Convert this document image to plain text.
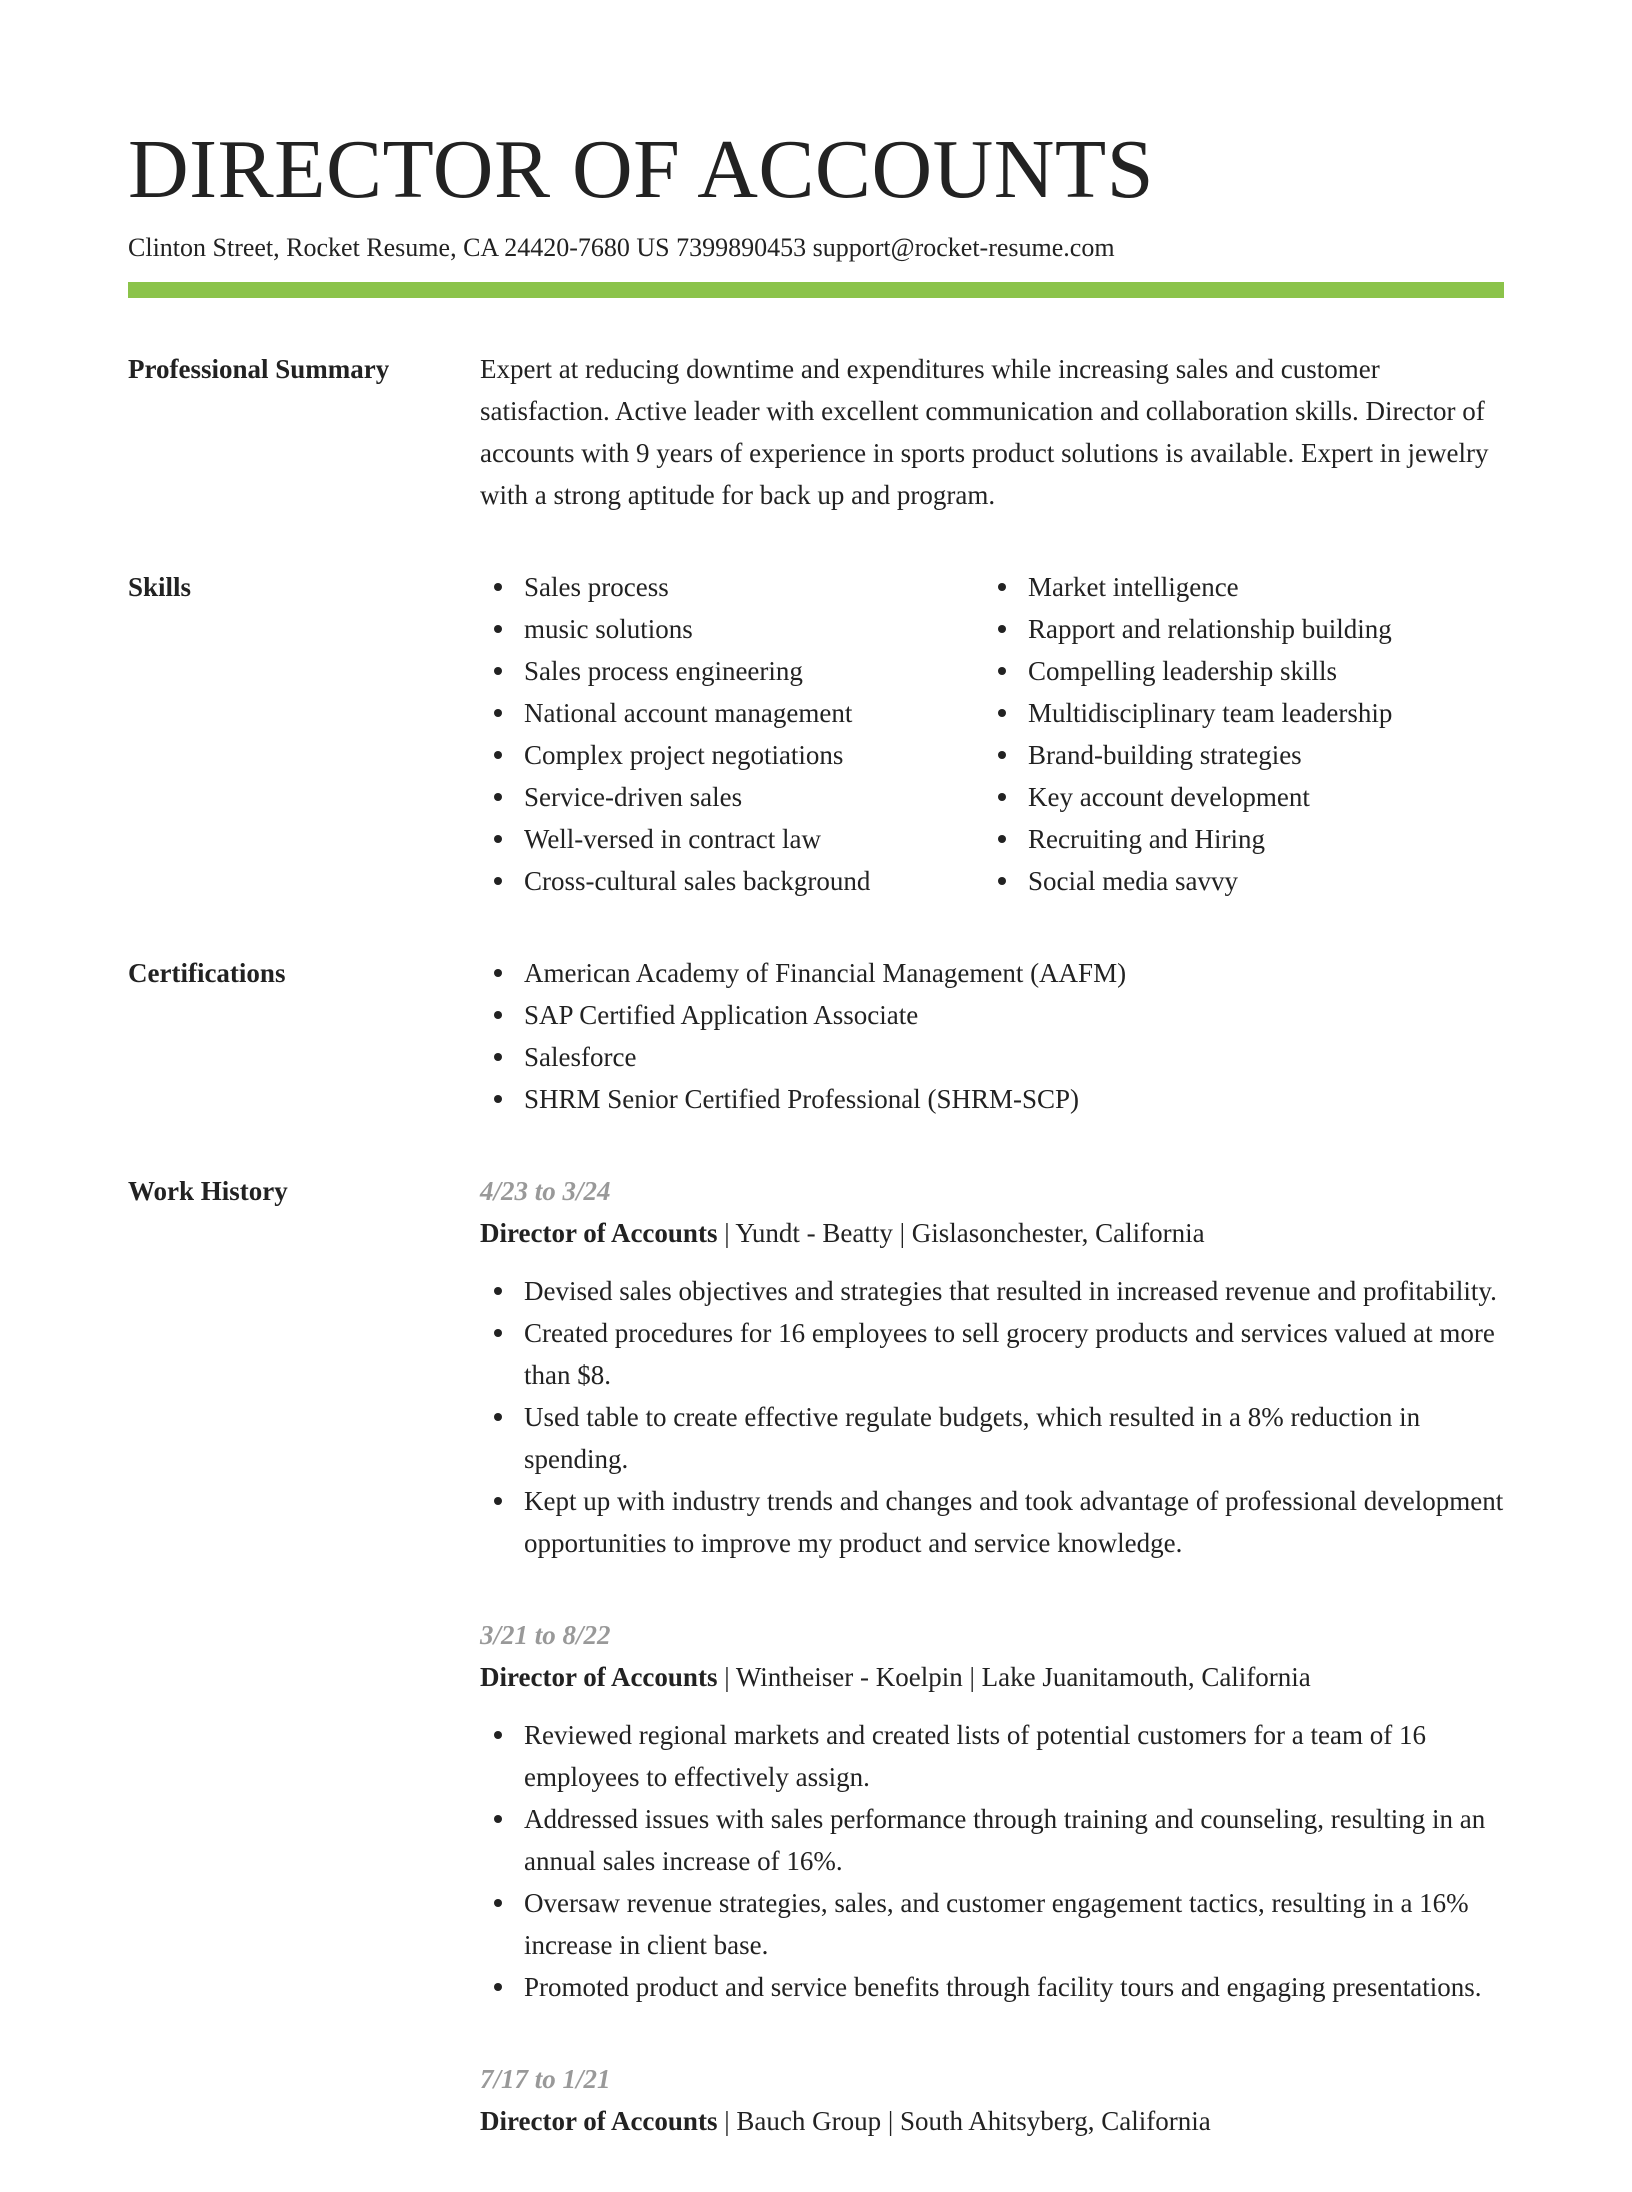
DIRECTOR OF ACCOUNTS
Clinton Street, Rocket Resume, CA 24420-7680 US 7399890453 support@rocket-resume.com
Professional Summary	Expert at reducing downtime and expenditures while increasing sales and customer satisfaction. Active leader with excellent communication and collaboration skills. Director of accounts with 9 years of experience in sports product solutions is available. Expert in jewelry with a strong aptitude for back up and program.
Skills	Sales process
music solutions
Sales process engineering
National account management
Complex project negotiations
Service-driven sales
Well-versed in contract law
Cross-cultural sales background
Market intelligence
Rapport and relationship building
Compelling leadership skills
Multidisciplinary team leadership
Brand-building strategies
Key account development
Recruiting and Hiring
Social media savvy
Certifications	American Academy of Financial Management (AAFM)
SAP Certified Application Associate
Salesforce
SHRM Senior Certified Professional (SHRM-SCP)
Work History	4/23 to 3/24
Director of Accounts | Yundt - Beatty | Gislasonchester, California
Devised sales objectives and strategies that resulted in increased revenue and profitability.
Created procedures for 16 employees to sell grocery products and services valued at more than $8.
Used table to create effective regulate budgets, which resulted in a 8% reduction in spending.
Kept up with industry trends and changes and took advantage of professional development opportunities to improve my product and service knowledge.
3/21 to 8/22
Director of Accounts | Wintheiser - Koelpin | Lake Juanitamouth, California
Reviewed regional markets and created lists of potential customers for a team of 16 employees to effectively assign.
Addressed issues with sales performance through training and counseling, resulting in an annual sales increase of 16%.
Oversaw revenue strategies, sales, and customer engagement tactics, resulting in a 16% increase in client base.
Promoted product and service benefits through facility tours and engaging presentations.
7/17 to 1/21
Director of Accounts | Bauch Group | South Ahitsyberg, California
